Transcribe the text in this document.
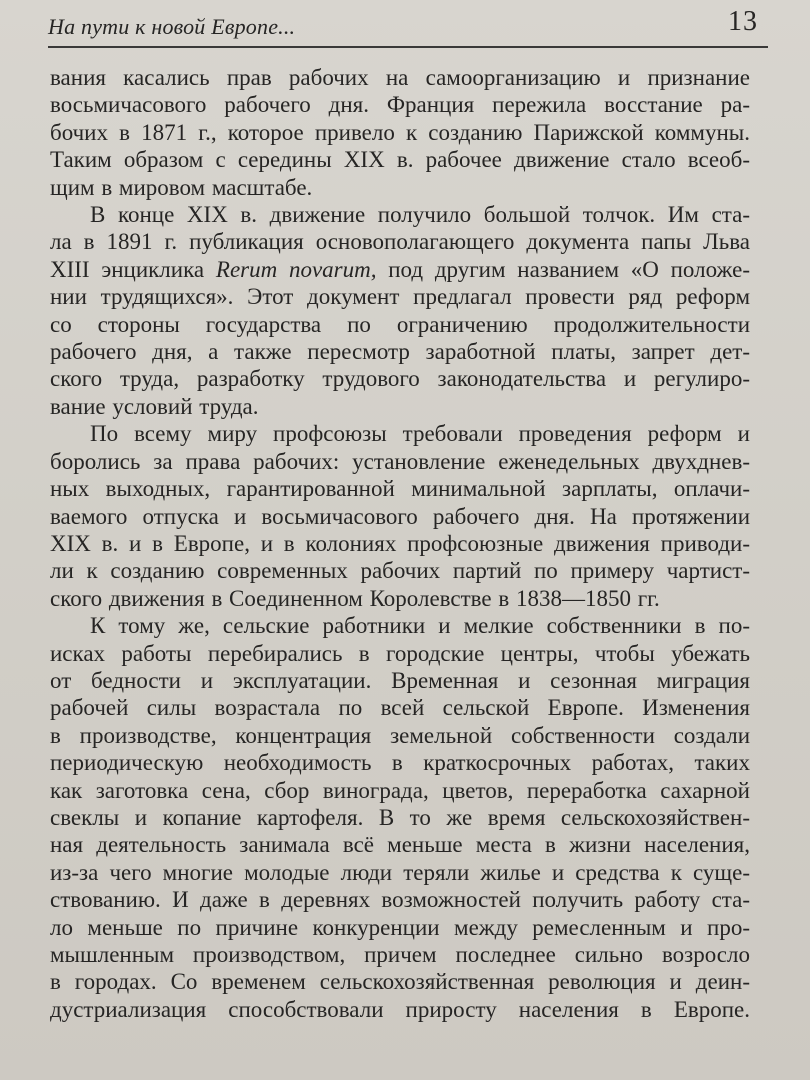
На пути к новой Европе...	13
вания касались прав рабочих на самоорганизацию и признание
восьмичасового рабочего дня. Франция пережила восстание ра-
бочих в 1871 г., которое привело к созданию Парижской коммуны.
Таким образом с середины XIX в. рабочее движение стало всеоб-
щим в мировом масштабе.
В конце XIX в. движение получило большой толчок. Им ста-
ла в 1891 г. публикация основополагающего документа папы Льва
XIII энциклика Rerum novarum, под другим названием «О положе-
нии трудящихся». Этот документ предлагал провести ряд реформ
со стороны государства по ограничению продолжительности
рабочего дня, а также пересмотр заработной платы, запрет дет-
ского труда, разработку трудового законодательства и регулиро-
вание условий труда.
По всему миру профсоюзы требовали проведения реформ и
боролись за права рабочих: установление еженедельных двухднев-
ных выходных, гарантированной минимальной зарплаты, оплачи-
ваемого отпуска и восьмичасового рабочего дня. На протяжении
XIX в. и в Европе, и в колониях профсоюзные движения приводи-
ли к созданию современных рабочих партий по примеру чартист-
ского движения в Соединенном Королевстве в 1838—1850 гг.
К тому же, сельские работники и мелкие собственники в по-
исках работы перебирались в городские центры, чтобы убежать
от бедности и эксплуатации. Временная и сезонная миграция
рабочей силы возрастала по всей сельской Европе. Изменения
в производстве, концентрация земельной собственности создали
периодическую необходимость в краткосрочных работах, таких
как заготовка сена, сбор винограда, цветов, переработка сахарной
свеклы и копание картофеля. В то же время сельскохозяйствен-
ная деятельность занимала всё меньше места в жизни населения,
из-за чего многие молодые люди теряли жилье и средства к суще-
ствованию. И даже в деревнях возможностей получить работу ста-
ло меньше по причине конкуренции между ремесленным и про-
мышленным производством, причем последнее сильно возросло
в городах. Со временем сельскохозяйственная революция и деин-
дустриализация способствовали приросту населения в Европе.
